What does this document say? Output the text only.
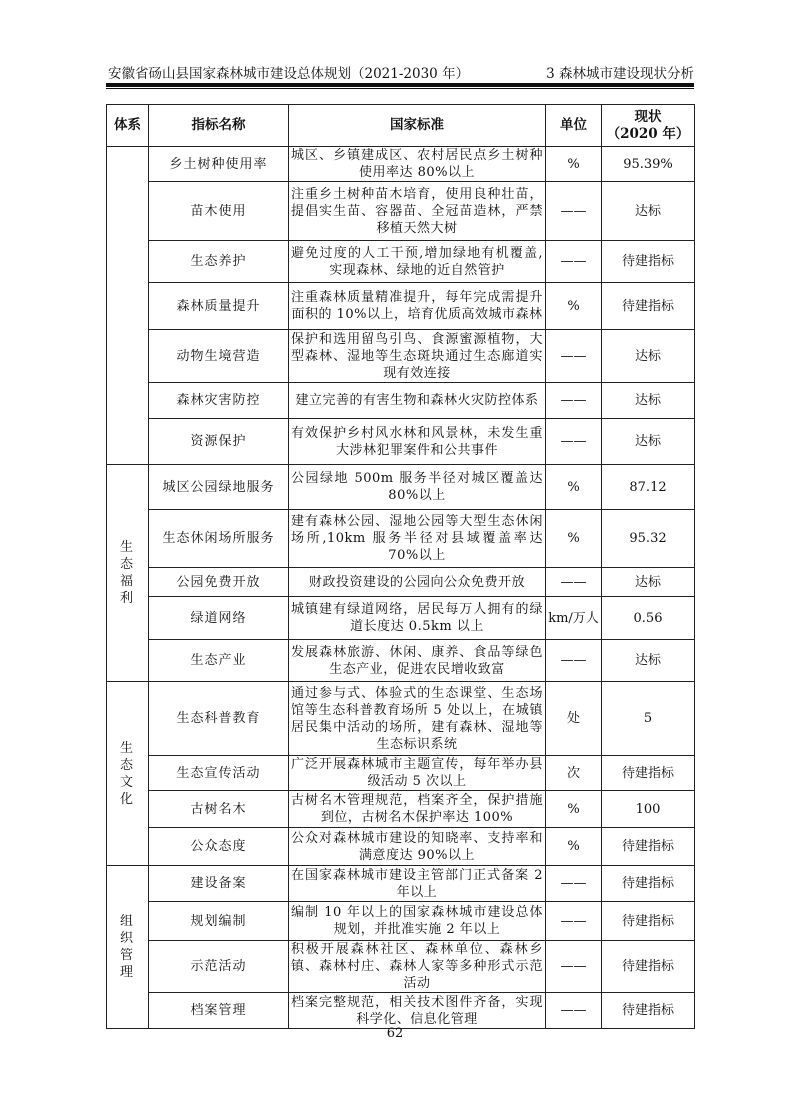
安徽省砀山县国家森林城市建设总体规划（2021-2030 年）	3 森林城市建设现状分析
体系	指标名称	国家标准	单位	现状
（2020 年）
	乡土树种使用率	城区、乡镇建成区、农村居民点乡土树种使用率达 80%以上	%	95.39%
	苗木使用	注重乡土树种苗木培育，使用良种壮苗，提倡实生苗、容器苗、全冠苗造林，严禁移植天然大树	——	达标
	生态养护	避免过度的人工干预,增加绿地有机覆盖,实现森林、绿地的近自然管护	——	待建指标
	森林质量提升	注重森林质量精准提升，每年完成需提升面积的 10%以上，培育优质高效城市森林	%	待建指标
	动物生境营造	保护和选用留鸟引鸟、食源蜜源植物，大型森林、湿地等生态斑块通过生态廊道实现有效连接	——	达标
	森林灾害防控	建立完善的有害生物和森林火灾防控体系	——	达标
	资源保护	有效保护乡村风水林和风景林，未发生重大涉林犯罪案件和公共事件	——	达标
生态福利	城区公园绿地服务	公园绿地 500m 服务半径对城区覆盖达 80%以上	%	87.12
	生态休闲场所服务	建有森林公园、湿地公园等大型生态休闲场所,10km 服务半径对县域覆盖率达 70%以上	%	95.32
	公园免费开放	财政投资建设的公园向公众免费开放	——	达标
	绿道网络	城镇建有绿道网络，居民每万人拥有的绿道长度达 0.5km 以上	km/万人	0.56
	生态产业	发展森林旅游、休闲、康养、食品等绿色生态产业，促进农民增收致富	——	达标
生态文化	生态科普教育	通过参与式、体验式的生态课堂、生态场馆等生态科普教育场所 5 处以上，在城镇居民集中活动的场所，建有森林、湿地等生态标识系统	处	5
	生态宣传活动	广泛开展森林城市主题宣传，每年举办县级活动 5 次以上	次	待建指标
	古树名木	古树名木管理规范，档案齐全，保护措施到位，古树名木保护率达 100%	%	100
	公众态度	公众对森林城市建设的知晓率、支持率和满意度达 90%以上	%	待建指标
组织管理	建设备案	在国家森林城市建设主管部门正式备案 2 年以上	——	待建指标
	规划编制	编制 10 年以上的国家森林城市建设总体规划，并批准实施 2 年以上	——	待建指标
	示范活动	积极开展森林社区、森林单位、森林乡镇、森林村庄、森林人家等多种形式示范活动	——	待建指标
	档案管理	档案完整规范，相关技术图件齐备，实现科学化、信息化管理	——	待建指标
62
